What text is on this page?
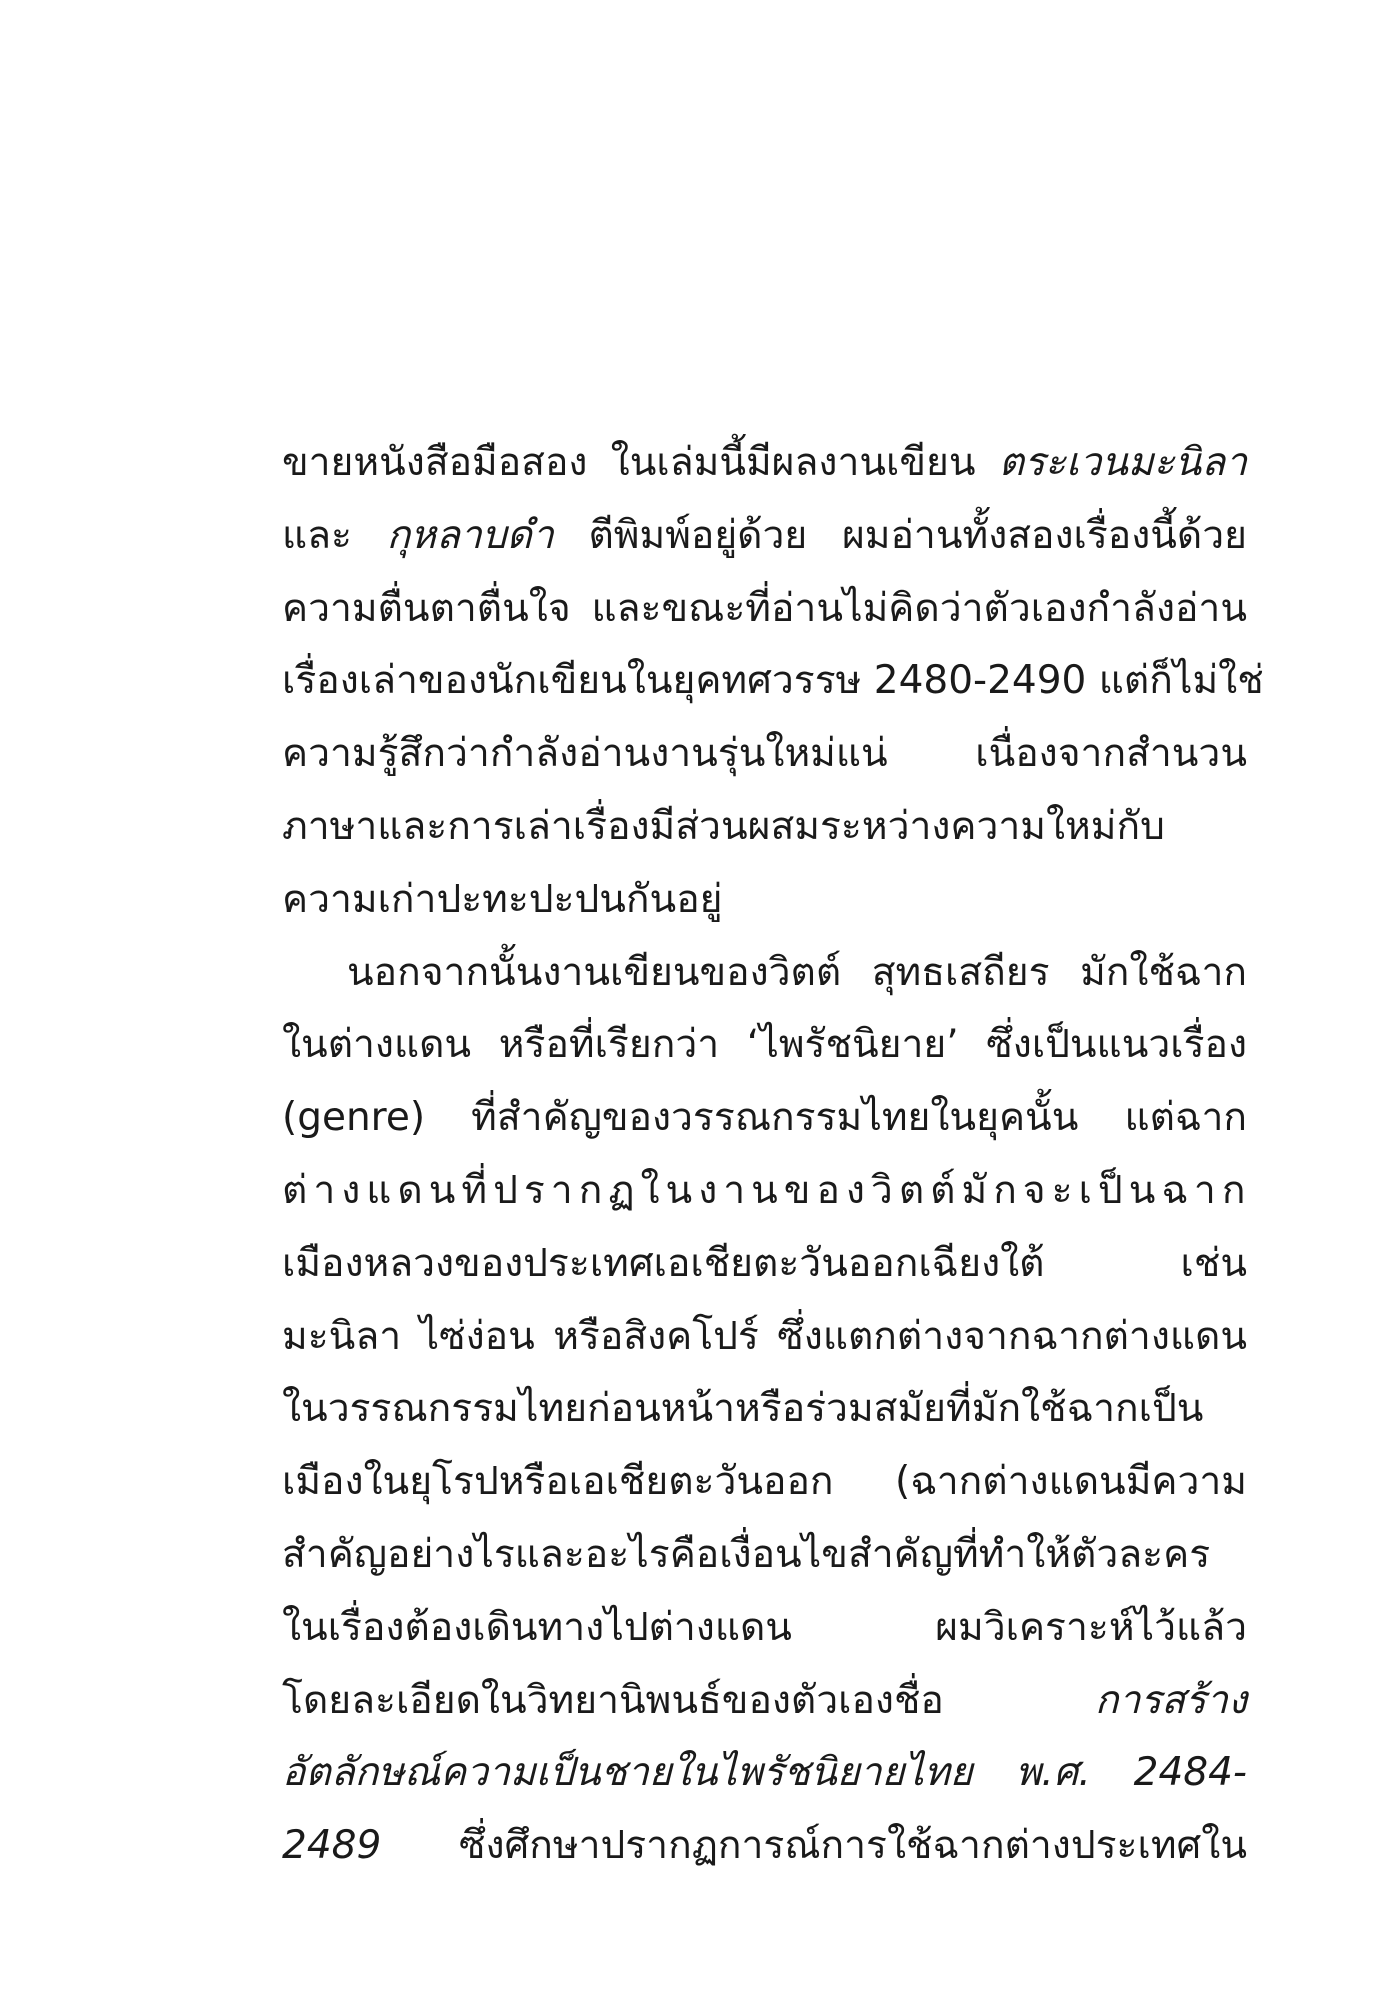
ขายหนังสือมือสอง ในเล่มนี้มีผลงานเขียน ตระเวนมะนิลา
และ กุหลาบดำ ตีพิมพ์อยู่ด้วย ผมอ่านทั้งสองเรื่องนี้ด้วย
ความตื่นตาตื่นใจ และขณะที่อ่านไม่คิดว่าตัวเองกำลังอ่าน
เรื่องเล่าของนักเขียนในยุคทศวรรษ 2480-2490 แต่ก็ไม่ใช่
ความรู้สึกว่ากำลังอ่านงานรุ่นใหม่แน่ เนื่องจากสำนวน
ภาษาและการเล่าเรื่องมีส่วนผสมระหว่างความใหม่กับ
ความเก่าปะทะปะปนกันอยู่
นอกจากนั้นงานเขียนของวิตต์ สุทธเสถียร มักใช้ฉาก
ในต่างแดน หรือที่เรียกว่า ‘ไพรัชนิยาย’ ซึ่งเป็นแนวเรื่อง
(genre) ที่สำคัญของวรรณกรรมไทยในยุคนั้น แต่ฉาก
ต่างแดนที่ปรากฏในงานของวิตต์มักจะเป็นฉาก
เมืองหลวงของประเทศเอเชียตะวันออกเฉียงใต้ เช่น
มะนิลา ไซ่ง่อน หรือสิงคโปร์ ซึ่งแตกต่างจากฉากต่างแดน
ในวรรณกรรมไทยก่อนหน้าหรือร่วมสมัยที่มักใช้ฉากเป็น
เมืองในยุโรปหรือเอเชียตะวันออก (ฉากต่างแดนมีความ
สำคัญอย่างไรและอะไรคือเงื่อนไขสำคัญที่ทำให้ตัวละคร
ในเรื่องต้องเดินทางไปต่างแดน ผมวิเคราะห์ไว้แล้ว
โดยละเอียดในวิทยานิพนธ์ของตัวเองชื่อ การสร้าง
อัตลักษณ์ความเป็นชายในไพรัชนิยายไทย พ.ศ. 2484-
2489 ซึ่งศึกษาปรากฏการณ์การใช้ฉากต่างประเทศใน
